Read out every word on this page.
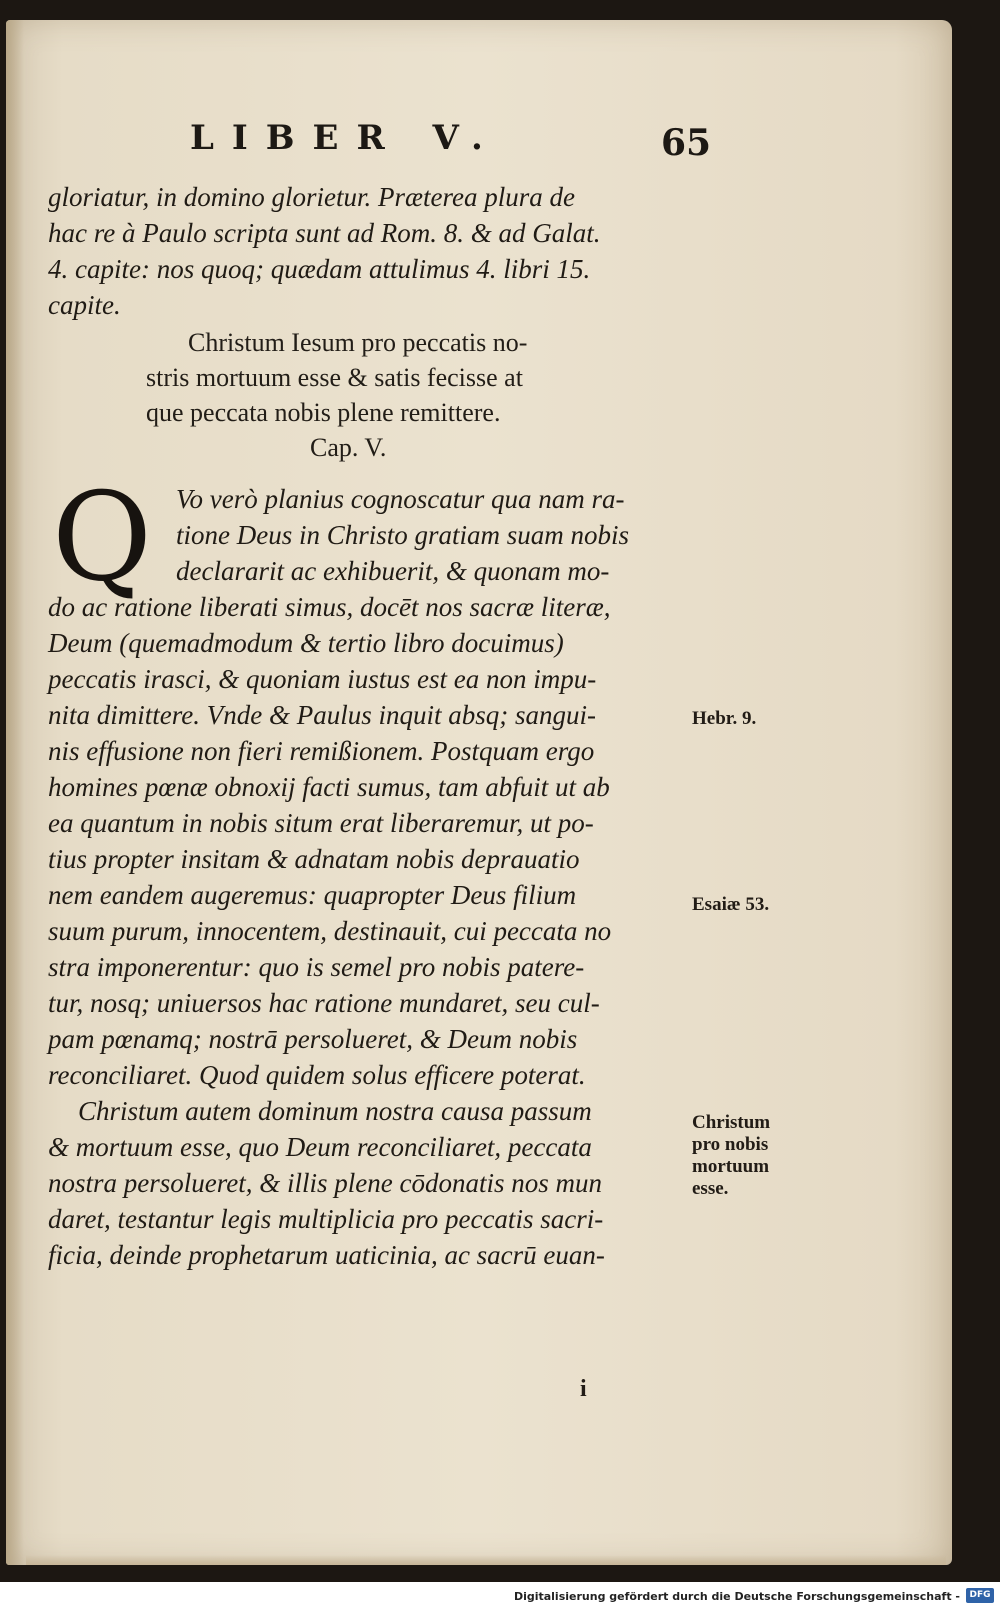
LIBER V.	65
gloriatur, in domino glorietur. Præterea plura de
hac re à Paulo scripta sunt ad Rom. 8. & ad Galat.
4. capite: nos quoq; quædam attulimus 4. libri 15.
capite.
Christum Iesum pro peccatis no-
stris mortuum esse & satis fecisse at
que peccata nobis plene remittere.
Cap. V.
Vo verò planius cognoscatur qua nam ra-
tione Deus in Christo gratiam suam nobis
declararit ac exhibuerit, & quonam mo-
do ac ratione liberati simus, docēt nos sacræ literæ,
Deum (quemadmodum & tertio libro docuimus)
peccatis irasci, & quoniam iustus est ea non impu-
nita dimittere. Vnde & Paulus inquit absq; sangui-
nis effusione non fieri remißionem. Postquam ergo
homines pœnæ obnoxij facti sumus, tam abfuit ut ab
ea quantum in nobis situm erat liberaremur, ut po-
tius propter insitam & adnatam nobis deprauatio
nem eandem augeremus: quapropter Deus filium
suum purum, innocentem, destinauit, cui peccata no
stra imponerentur: quo is semel pro nobis patere-
tur, nosq; uniuersos hac ratione mundaret, seu cul-
pam pœnamq; nostrā persolueret, & Deum nobis
reconciliaret. Quod quidem solus efficere poterat.
Christum autem dominum nostra causa passum
& mortuum esse, quo Deum reconciliaret, peccata
nostra persolueret, & illis plene cōdonatis nos mun
daret, testantur legis multiplicia pro peccatis sacri-
ficia, deinde prophetarum uaticinia, ac sacrū euan-
Q
Hebr. 9.
Esaiæ 53.
Christum
pro nobis
mortuum
esse.
i
Digitalisierung gefördert durch die Deutsche Forschungsgemeinschaft -	DFG
